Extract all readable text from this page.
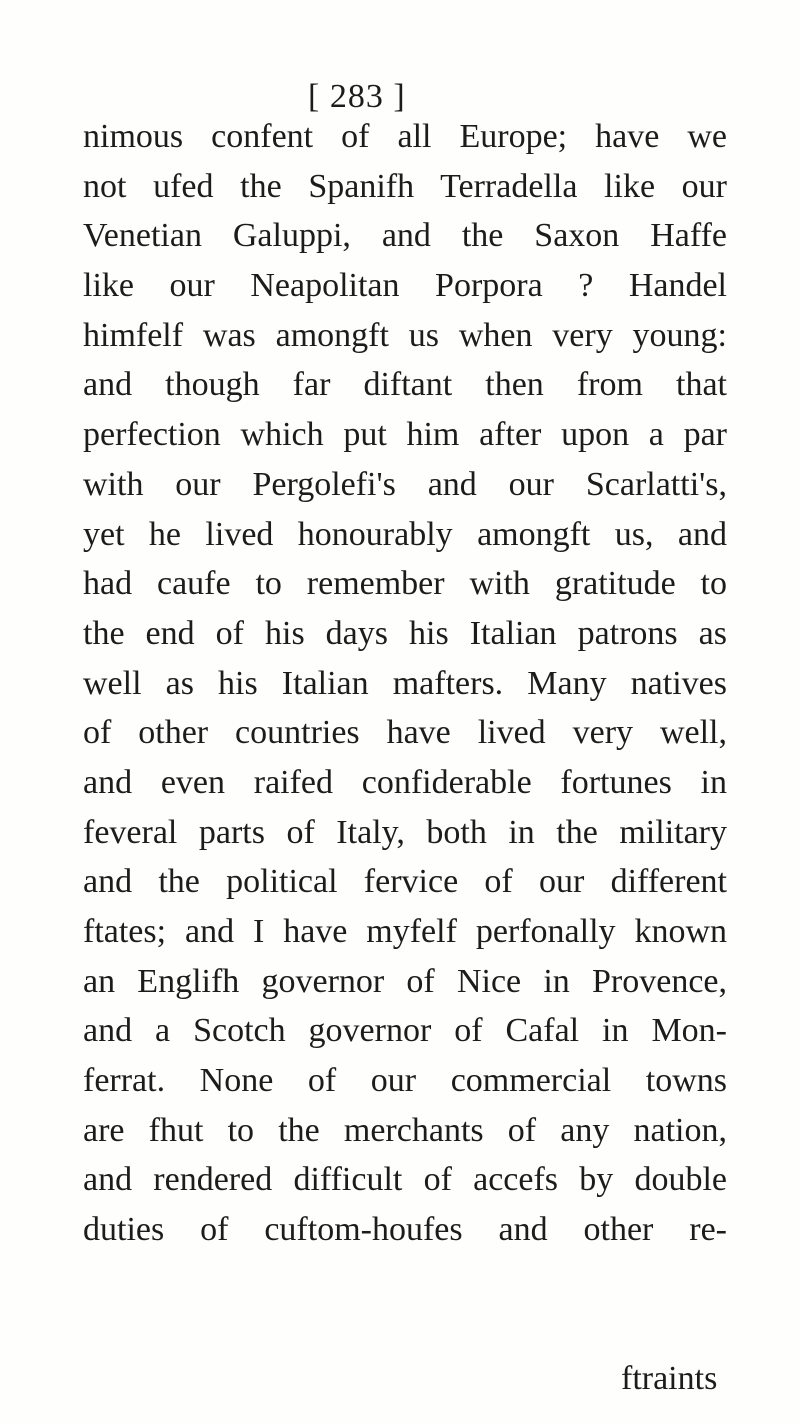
[ 283 ]
nimous confent of all Europe; have we
not ufed the Spanifh Terradella like our
Venetian Galuppi, and the Saxon Haffe
like our Neapolitan Porpora ? Handel
himfelf was amongft us when very young:
and though far diftant then from that
perfection which put him after upon a par
with our Pergolefi's and our Scarlatti's,
yet he lived honourably amongft us, and
had caufe to remember with gratitude to
the end of his days his Italian patrons as
well as his Italian mafters. Many natives
of other countries have lived very well,
and even raifed confiderable fortunes in
feveral parts of Italy, both in the military
and the political fervice of our different
ftates; and I have myfelf perfonally known
an Englifh governor of Nice in Provence,
and a Scotch governor of Cafal in Mon-
ferrat. None of our commercial towns
are fhut to the merchants of any nation,
and rendered difficult of accefs by double
duties of cuftom-houfes and other re-
ftraints
